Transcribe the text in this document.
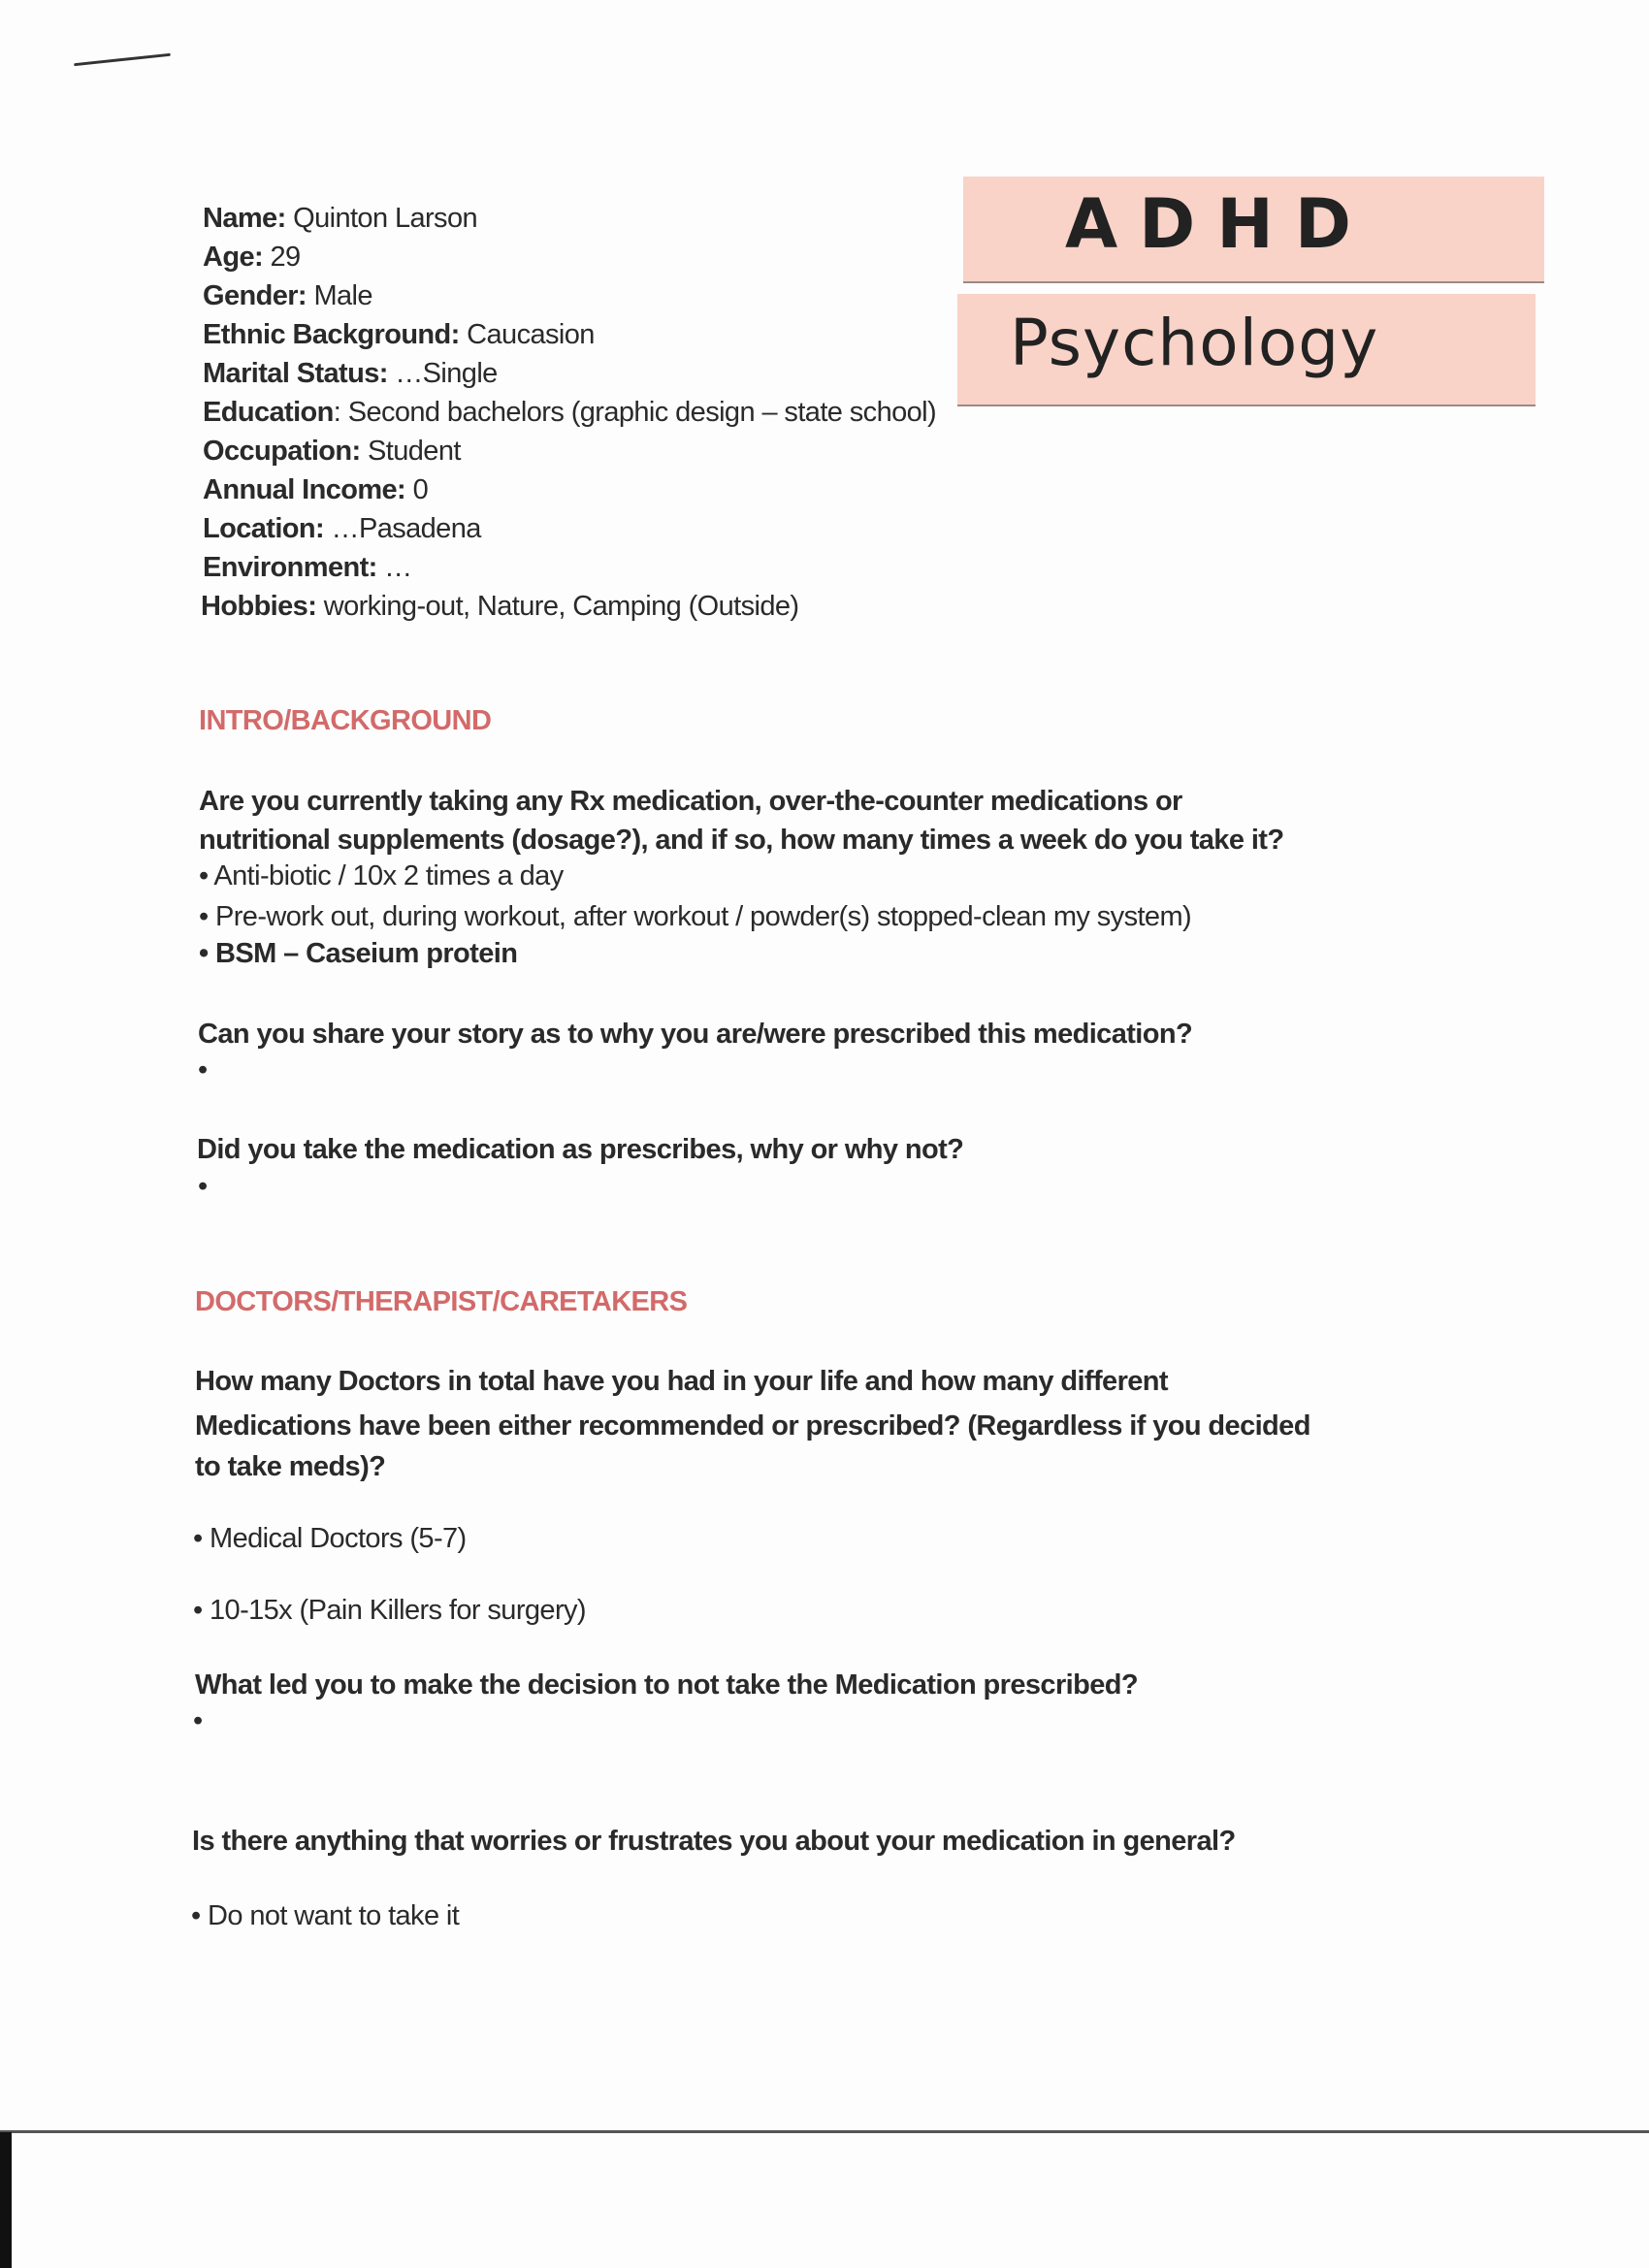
ADHD
Psychology
Name: Quinton Larson
Age: 29
Gender: Male
Ethnic Background: Caucasion
Marital Status: …Single
Education: Second bachelors (graphic design – state school)
Occupation: Student
Annual Income: 0
Location: …Pasadena
Environment: …
Hobbies: working-out, Nature, Camping (Outside)
INTRO/BACKGROUND
Are you currently taking any Rx medication, over-the-counter medications or
nutritional supplements (dosage?), and if so, how many times a week do you take it?
• Anti-biotic / 10x 2 times a day
• Pre-work out, during workout, after workout / powder(s) stopped-clean my system)
• BSM – Caseium protein
Can you share your story as to why you are/were prescribed this medication?
•
Did you take the medication as prescribes, why or why not?
•
DOCTORS/THERAPIST/CARETAKERS
How many Doctors in total have you had in your life and how many different
Medications have been either recommended or prescribed? (Regardless if you decided
to take meds)?
• Medical Doctors (5-7)
• 10-15x (Pain Killers for surgery)
What led you to make the decision to not take the Medication prescribed?
•
Is there anything that worries or frustrates you about your medication in general?
• Do not want to take it
